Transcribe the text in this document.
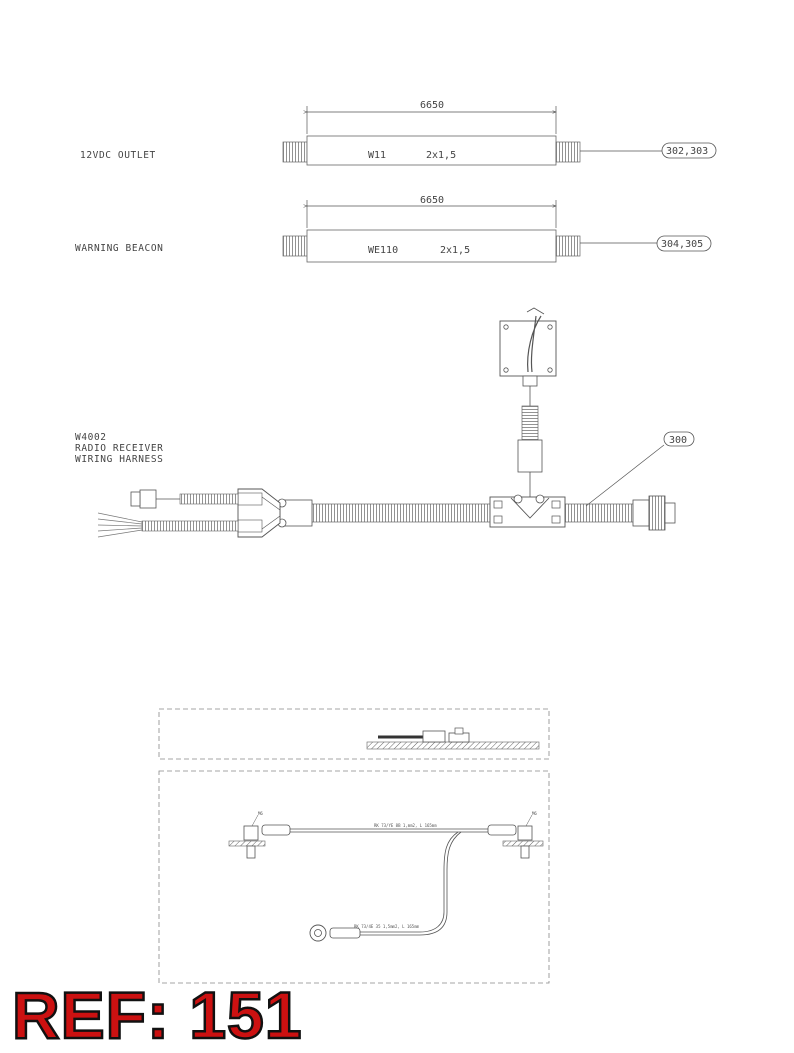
12VDC OUTLET
6650
W11	2x1,5	302,303
WARNING BEACON
6650
WE110	2x1,5
304,305
W4002
RADIO RECEIVER
WIRING HARNESS
300
M6	M6
RK 73/YE 8B 1,mm2, L 165mm
RK 73/4E 35 1,5mm2, L 165mm
REF: 151
